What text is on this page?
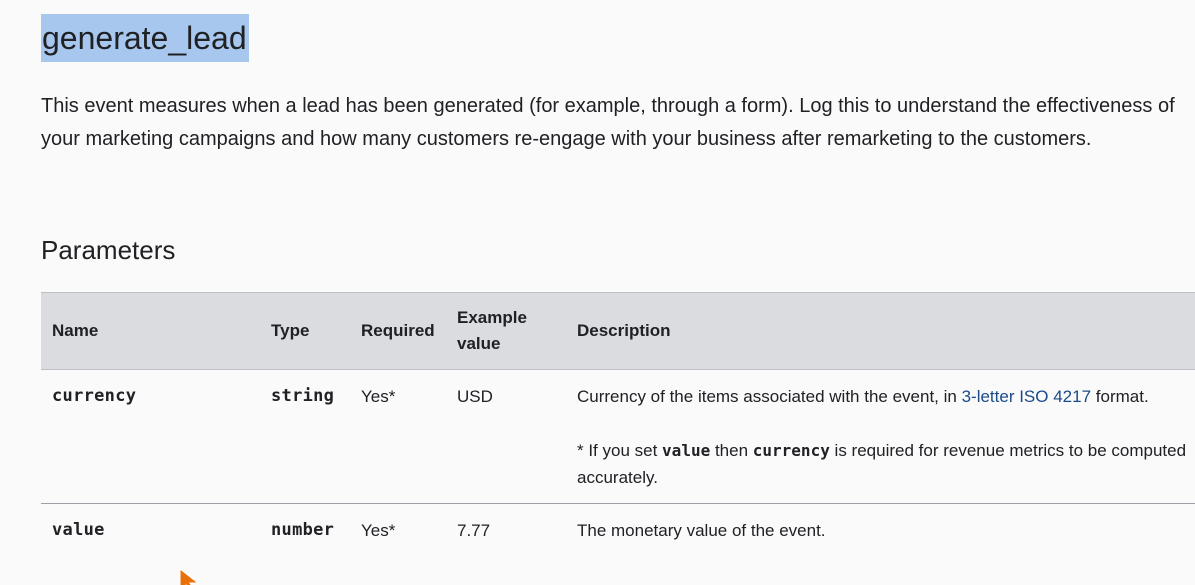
generate_lead

This event measures when a lead has been generated (for example, through a form). Log this to understand the effectiveness of your marketing campaigns and how many customers re-engage with your business after remarketing to the customers.

Parameters
Name	Type	Required	Example value	Description
currency	string	Yes*	USD	Currency of the items associated with the event, in 3-letter ISO 4217 format.
* If you set value then currency is required for revenue metrics to be computed accurately.

value	number	Yes*	7.77	The monetary value of the event.
